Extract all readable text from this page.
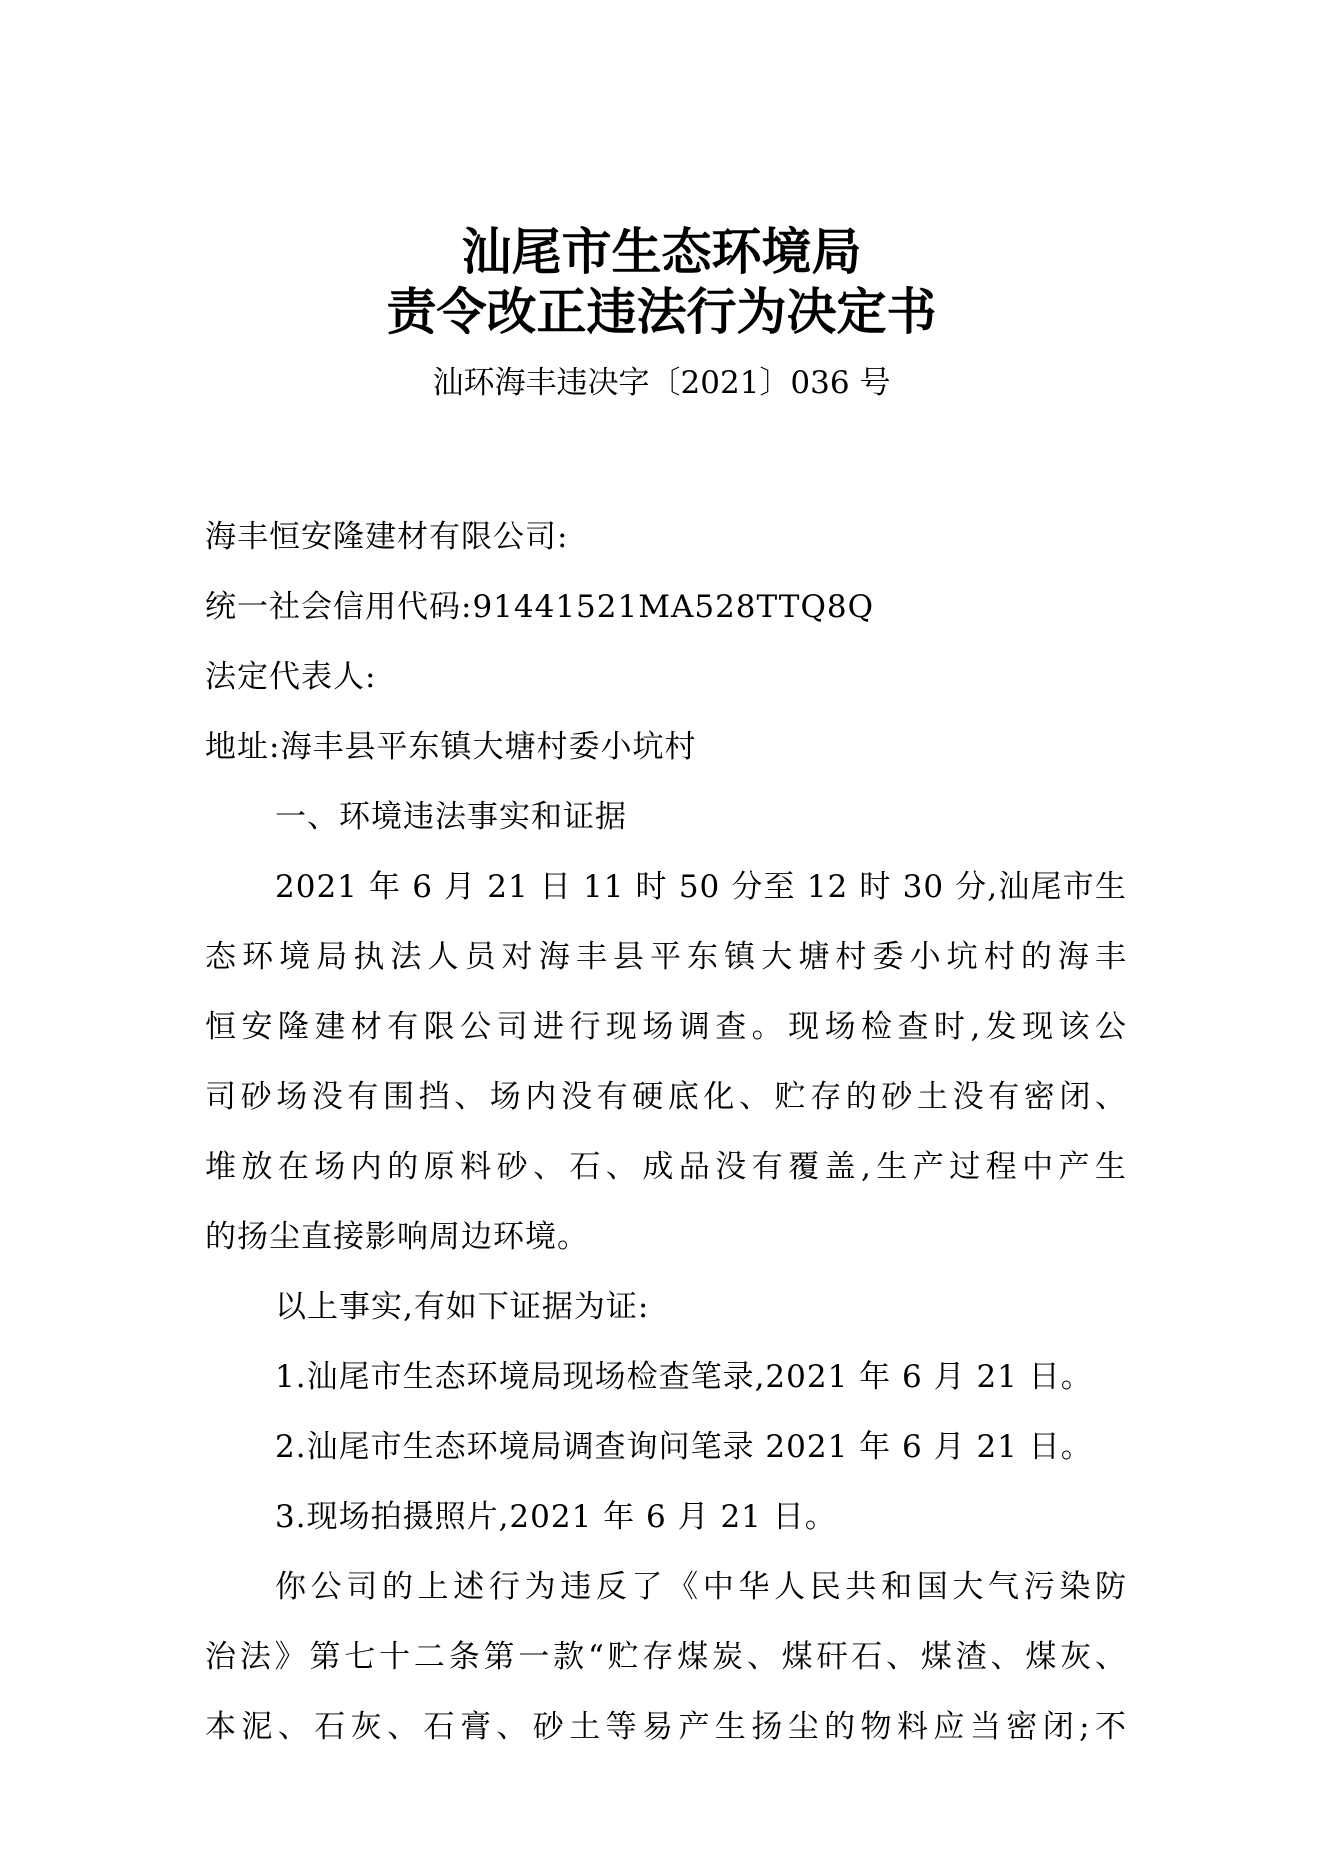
汕尾市生态环境局
责令改正违法行为决定书
汕环海丰违决字〔2021〕036 号
海丰恒安隆建材有限公司:
统一社会信用代码:91441521MA528TTQ8Q
法定代表人:
地址:海丰县平东镇大塘村委小坑村
一、环境违法事实和证据
2021 年 6 月 21 日 11 时 50 分至 12 时 30 分,汕尾市生
态环境局执法人员对海丰县平东镇大塘村委小坑村的海丰
恒安隆建材有限公司进行现场调查。现场检查时,发现该公
司砂场没有围挡、场内没有硬底化、贮存的砂土没有密闭、
堆放在场内的原料砂、石、成品没有覆盖,生产过程中产生
的扬尘直接影响周边环境。
以上事实,有如下证据为证:
1.汕尾市生态环境局现场检查笔录,2021 年 6 月 21 日。
2.汕尾市生态环境局调查询问笔录 2021 年 6 月 21 日。
3.现场拍摄照片,2021 年 6 月 21 日。
你公司的上述行为违反了《中华人民共和国大气污染防
治法》第七十二条第一款“贮存煤炭、煤矸石、煤渣、煤灰、
本泥、石灰、石膏、砂土等易产生扬尘的物料应当密闭;不
